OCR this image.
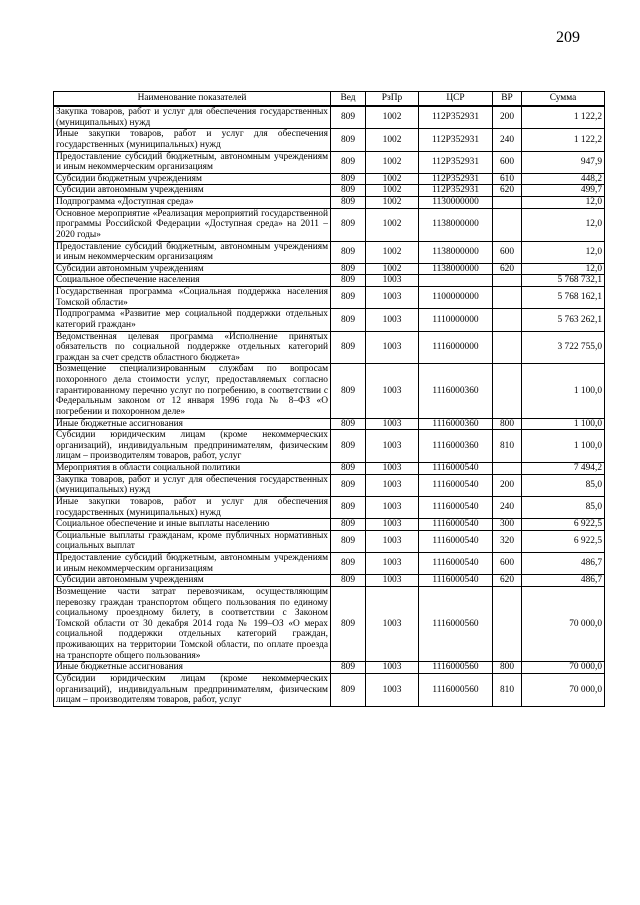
209
Наименование показателей	Вед	РзПр	ЦСР	ВР	Сумма
Закупка товаров, работ и услуг для обеспечения государственных (муниципальных) нужд	809	1002	112Р352931	200	1 122,2
Иные закупки товаров, работ и услуг для обеспечения государственных (муниципальных) нужд	809	1002	112Р352931	240	1 122,2
Предоставление субсидий бюджетным, автономным учреждениям и иным некоммерческим организациям	809	1002	112Р352931	600	947,9
Субсидии бюджетным учреждениям	809	1002	112Р352931	610	448,2
Субсидии автономным учреждениям	809	1002	112Р352931	620	499,7
Подпрограмма «Доступная среда»	809	1002	1130000000		12,0
Основное мероприятие «Реализация мероприятий государственной программы Российской Федерации «Доступная среда» на 2011 – 2020 годы»	809	1002	1138000000		12,0
Предоставление субсидий бюджетным, автономным учреждениям и иным некоммерческим организациям	809	1002	1138000000	600	12,0
Субсидии автономным учреждениям	809	1002	1138000000	620	12,0
Социальное обеспечение населения	809	1003			5 768 732,1
Государственная программа «Социальная поддержка населения Томской области»	809	1003	1100000000		5 768 162,1
Подпрограмма «Развитие мер социальной поддержки отдельных категорий граждан»	809	1003	1110000000		5 763 262,1
Ведомственная целевая программа «Исполнение принятых обязательств по социальной поддержке отдельных категорий граждан за счет средств областного бюджета»	809	1003	1116000000		3 722 755,0
Возмещение специализированным службам по вопросам похоронного дела стоимости услуг, предоставляемых согласно гарантированному перечню услуг по погребению, в соответствии с Федеральным законом от 12 января 1996 года № 8–ФЗ «О погребении и похоронном деле»	809	1003	1116000360		1 100,0
Иные бюджетные ассигнования	809	1003	1116000360	800	1 100,0
Субсидии юридическим лицам (кроме некоммерческих организаций), индивидуальным предпринимателям, физическим лицам – производителям товаров, работ, услуг	809	1003	1116000360	810	1 100,0
Мероприятия в области социальной политики	809	1003	1116000540		7 494,2
Закупка товаров, работ и услуг для обеспечения государственных (муниципальных) нужд	809	1003	1116000540	200	85,0
Иные закупки товаров, работ и услуг для обеспечения государственных (муниципальных) нужд	809	1003	1116000540	240	85,0
Социальное обеспечение и иные выплаты населению	809	1003	1116000540	300	6 922,5
Социальные выплаты гражданам, кроме публичных нормативных социальных выплат	809	1003	1116000540	320	6 922,5
Предоставление субсидий бюджетным, автономным учреждениям и иным некоммерческим организациям	809	1003	1116000540	600	486,7
Субсидии автономным учреждениям	809	1003	1116000540	620	486,7
Возмещение части затрат перевозчикам, осуществляющим перевозку граждан транспортом общего пользования по единому социальному проездному билету, в соответствии с Законом Томской области от 30 декабря 2014 года № 199–ОЗ «О мерах социальной поддержки отдельных категорий граждан, проживающих на территории Томской области, по оплате проезда на транспорте общего пользования»	809	1003	1116000560		70 000,0
Иные бюджетные ассигнования	809	1003	1116000560	800	70 000,0
Субсидии юридическим лицам (кроме некоммерческих организаций), индивидуальным предпринимателям, физическим лицам – производителям товаров, работ, услуг	809	1003	1116000560	810	70 000,0
